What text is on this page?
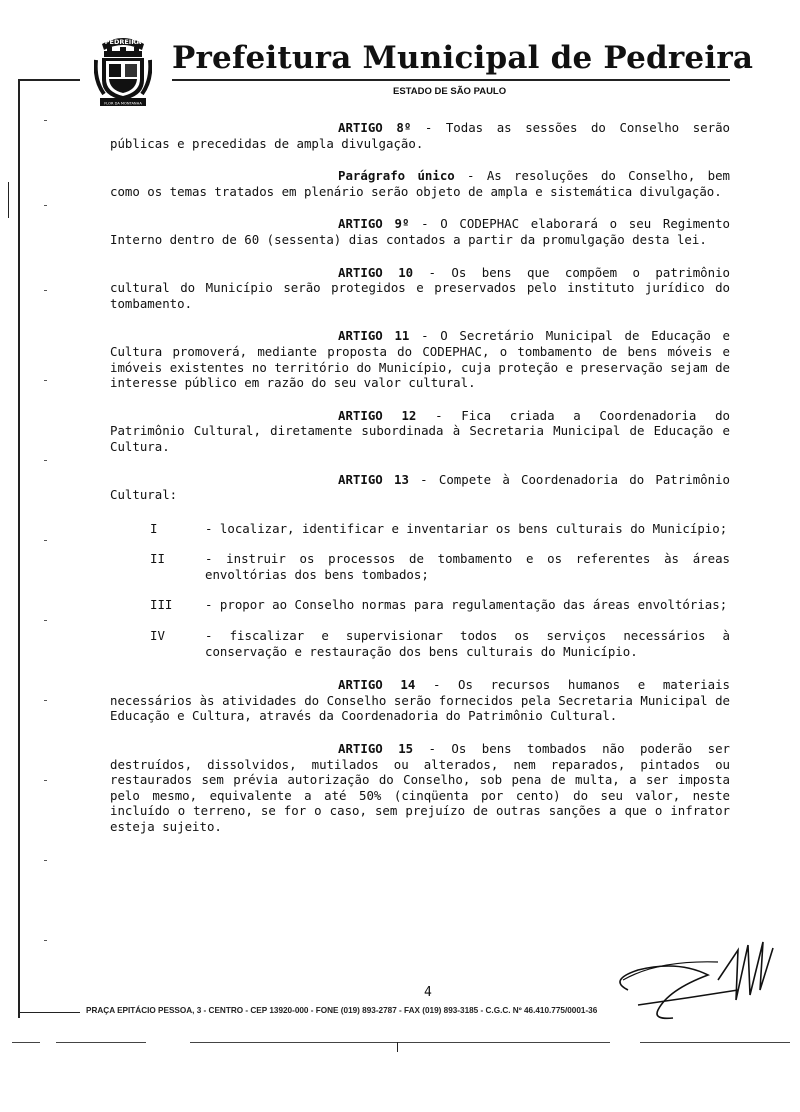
PEDREIRA
FLOR DA MONTANHA
Prefeitura Municipal de Pedreira
ESTADO DE SÃO PAULO

ARTIGO 8º - Todas as sessões do Conselho serão públicas e precedidas de ampla divulgação.

Parágrafo único - As resoluções do Conselho, bem como os temas tratados em plenário serão objeto de ampla e sistemática divulgação.

ARTIGO 9º - O CODEPHAC elaborará o seu Regimento Interno dentro de 60 (sessenta) dias contados a partir da promulgação desta lei.

ARTIGO 10 - Os bens que compõem o patrimônio cultural do Município serão protegidos e preservados pelo instituto jurídico do tombamento.

ARTIGO 11 - O Secretário Municipal de Educação e Cultura promoverá, mediante proposta do CODEPHAC, o tombamento de bens móveis e imóveis existentes no território do Município, cuja proteção e preservação sejam de interesse público em razão do seu valor cultural.

ARTIGO 12 - Fica criada a Coordenadoria do Patrimônio Cultural, diretamente subordinada à Secretaria Municipal de Educação e Cultura.

ARTIGO 13 - Compete à Coordenadoria do Patrimônio Cultural:

I	- localizar, identificar e inventariar os bens culturais do Município;
II	- instruir os processos de tombamento e os referentes às áreas envoltórias dos bens tombados;
III	- propor ao Conselho normas para regulamentação das áreas envoltórias;
IV	- fiscalizar e supervisionar todos os serviços necessários à conservação e restauração dos bens culturais do Município.

ARTIGO 14 - Os recursos humanos e materiais necessários às atividades do Conselho serão fornecidos pela Secretaria Municipal de Educação e Cultura, através da Coordenadoria do Patrimônio Cultural.

ARTIGO 15 - Os bens tombados não poderão ser destruídos, dissolvidos, mutilados ou alterados, nem reparados, pintados ou restaurados sem prévia autorização do Conselho, sob pena de multa, a ser imposta pelo mesmo, equivalente a até 50% (cinqüenta por cento) do seu valor, neste incluído o terreno, se for o caso, sem prejuízo de outras sanções a que o infrator esteja sujeito.

4
PRAÇA EPITÁCIO PESSOA, 3 - CENTRO - CEP 13920-000 - FONE (019) 893-2787 - FAX (019) 893-3185 - C.G.C. Nº 46.410.775/0001-36
